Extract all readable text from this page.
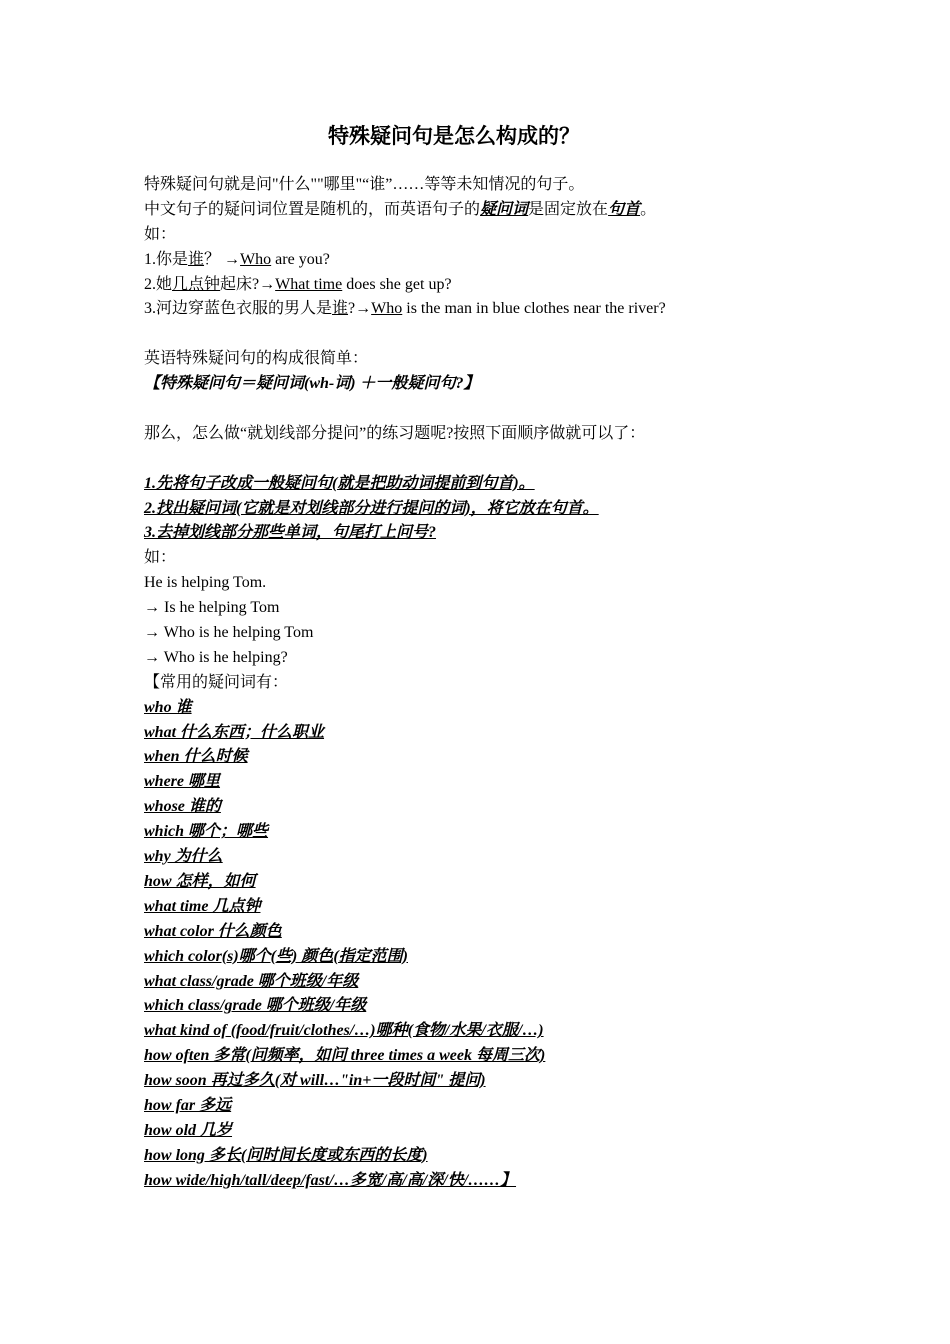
特殊疑问句是怎么构成的？
特殊疑问句就是问"什么""哪里"“谁”……等等未知情况的句子。
中文句子的疑问词位置是随机的，而英语句子的疑问词是固定放在句首。
如：
1.你是谁？ →Who are you?
2.她几点钟起床?→What time does she get up?
3.河边穿蓝色衣服的男人是谁?→Who is the man in blue clothes near the river?
英语特殊疑问句的构成很简单：
【特殊疑问句＝疑问词(wh-词) ＋一般疑问句?】
那么，怎么做“就划线部分提问”的练习题呢?按照下面顺序做就可以了：
1.先将句子改成一般疑问句(就是把助动词提前到句首)。
2.找出疑问词(它就是对划线部分进行提问的词)，将它放在句首。
3.去掉划线部分那些单词，句尾打上问号?
如：
He is helping Tom.
→ Is he helping Tom
→ Who is he helping Tom
→ Who is he helping?
【常用的疑问词有：
who 谁
what 什么东西；什么职业
when 什么时候
where 哪里
whose 谁的
which 哪个；哪些
why 为什么
how 怎样，如何
what time 几点钟
what color 什么颜色
which color(s)哪个(些) 颜色(指定范围)
what class/grade 哪个班级/年级
which class/grade 哪个班级/年级
what kind of (food/fruit/clothes/…)哪种(食物/水果/衣服/…)
how often 多常(问频率，如问 three times a week 每周三次)
how soon 再过多久(对 will…"in+一段时间" 提问)
how far 多远
how old 几岁
how long 多长(问时间长度或东西的长度)
how wide/high/tall/deep/fast/…多宽/高/高/深/快/……】
